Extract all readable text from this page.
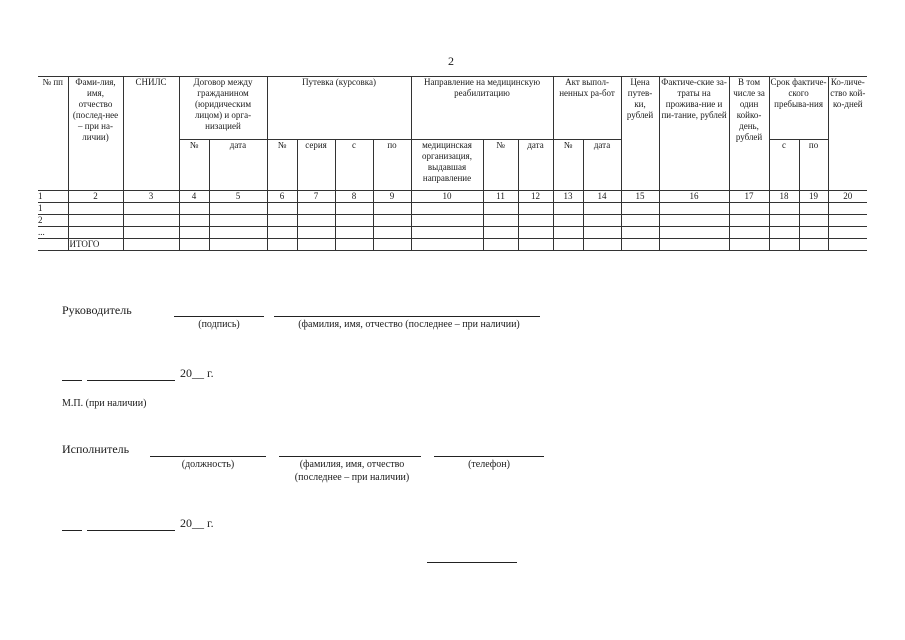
2
№ пп	Фами-лия, имя, отчество (послед-нее – при на-личии)	СНИЛС	Договор между гражданином (юридическим лицом) и орга-низацией		Путевка (курсовка)				Направление на медицинскую реабилитацию			Акт выпол-ненных ра-бот		Цена путев-ки, рублей	Фактиче-ские за-траты на проживa-ние и пи-тание, рублей	В том числе за один койко-день, рублей	Срок фактиче-ского пребыва-ния		Ко-личе-ство кой-ко-дней
			№	дата	№	серия	с	по	медицинская организация, выдавшая направление	№	дата	№	дата				с	по	
1	2	3	4	5	6	7	8	9	10	11	12	13	14	15	16	17	18	19	20
1																			
2																			
...																			
	ИТОГО																		
Руководитель
(подпись)	(фамилия, имя, отчество (последнее – при наличии)
20__ г.
М.П. (при наличии)
Исполнитель
(должность)	(фамилия, имя, отчество (последнее – при наличии)
(телефон)
20__ г.
